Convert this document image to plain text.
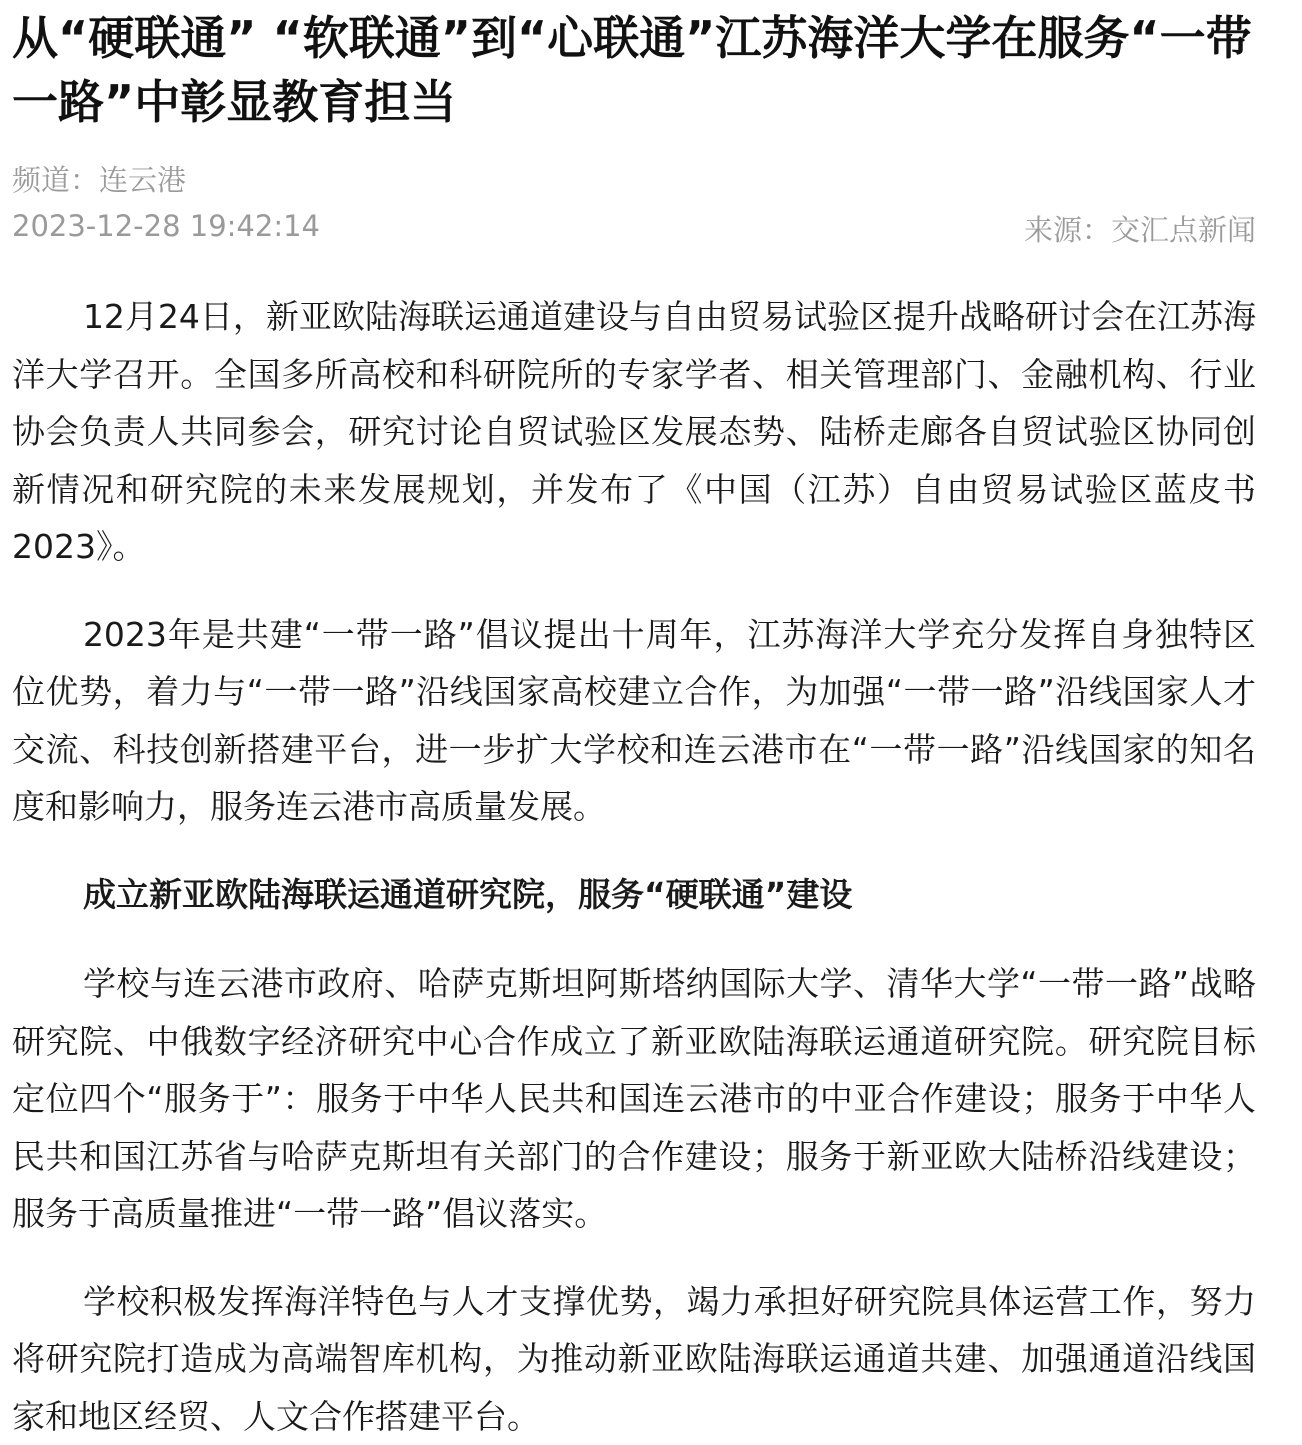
从“硬联通” “软联通”到“心联通”江苏海洋大学在服务“一带一路”中彰显教育担当
频道：连云港
2023-12-28 19:42:14	来源：交汇点新闻

12月24日，新亚欧陆海联运通道建设与自由贸易试验区提升战略研讨会在江苏海洋大学召开。全国多所高校和科研院所的专家学者、相关管理部门、金融机构、行业协会负责人共同参会，研究讨论自贸试验区发展态势、陆桥走廊各自贸试验区协同创新情况和研究院的未来发展规划，并发布了《中国（江苏）自由贸易试验区蓝皮书2023》。

2023年是共建“一带一路”倡议提出十周年，江苏海洋大学充分发挥自身独特区位优势，着力与“一带一路”沿线国家高校建立合作，为加强“一带一路”沿线国家人才交流、科技创新搭建平台，进一步扩大学校和连云港市在“一带一路”沿线国家的知名度和影响力，服务连云港市高质量发展。

成立新亚欧陆海联运通道研究院，服务“硬联通”建设

学校与连云港市政府、哈萨克斯坦阿斯塔纳国际大学、清华大学“一带一路”战略研究院、中俄数字经济研究中心合作成立了新亚欧陆海联运通道研究院。研究院目标定位四个“服务于”：服务于中华人民共和国连云港市的中亚合作建设；服务于中华人民共和国江苏省与哈萨克斯坦有关部门的合作建设；服务于新亚欧大陆桥沿线建设；服务于高质量推进“一带一路”倡议落实。

学校积极发挥海洋特色与人才支撑优势，竭力承担好研究院具体运营工作，努力将研究院打造成为高端智库机构，为推动新亚欧陆海联运通道共建、加强通道沿线国家和地区经贸、人文合作搭建平台。
